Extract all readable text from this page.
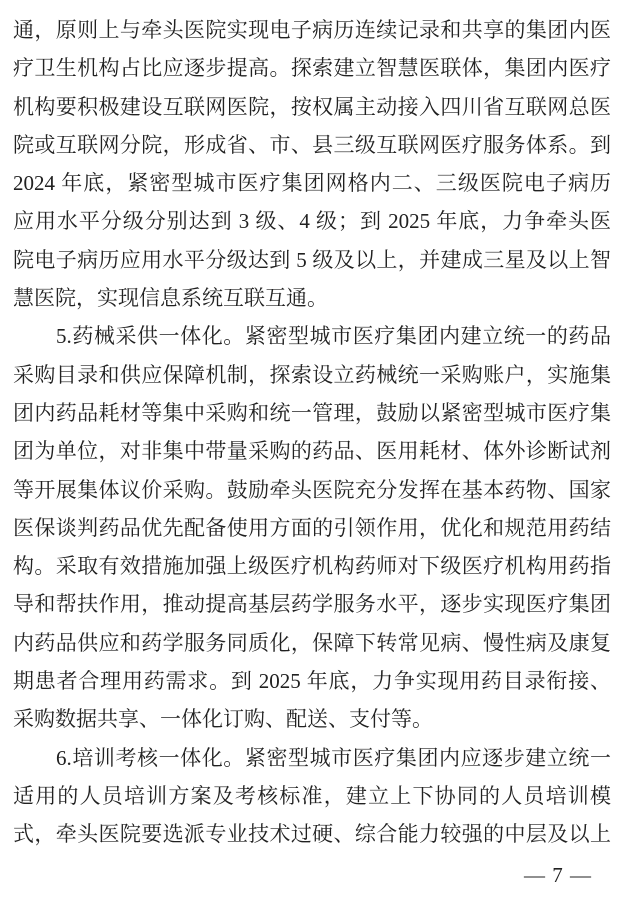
通，原则上与牵头医院实现电子病历连续记录和共享的集团内医
疗卫生机构占比应逐步提高。探索建立智慧医联体，集团内医疗
机构要积极建设互联网医院，按权属主动接入四川省互联网总医
院或互联网分院，形成省、市、县三级互联网医疗服务体系。到
2024 年底，紧密型城市医疗集团网格内二、三级医院电子病历
应用水平分级分别达到 3 级、4 级；到 2025 年底，力争牵头医
院电子病历应用水平分级达到 5 级及以上，并建成三星及以上智
慧医院，实现信息系统互联互通。
5.药械采供一体化。紧密型城市医疗集团内建立统一的药品
采购目录和供应保障机制，探索设立药械统一采购账户，实施集
团内药品耗材等集中采购和统一管理，鼓励以紧密型城市医疗集
团为单位，对非集中带量采购的药品、医用耗材、体外诊断试剂
等开展集体议价采购。鼓励牵头医院充分发挥在基本药物、国家
医保谈判药品优先配备使用方面的引领作用，优化和规范用药结
构。采取有效措施加强上级医疗机构药师对下级医疗机构用药指
导和帮扶作用，推动提高基层药学服务水平，逐步实现医疗集团
内药品供应和药学服务同质化，保障下转常见病、慢性病及康复
期患者合理用药需求。到 2025 年底，力争实现用药目录衔接、
采购数据共享、一体化订购、配送、支付等。
6.培训考核一体化。紧密型城市医疗集团内应逐步建立统一
适用的人员培训方案及考核标准，建立上下协同的人员培训模
式，牵头医院要选派专业技术过硬、综合能力较强的中层及以上
— 7 —
